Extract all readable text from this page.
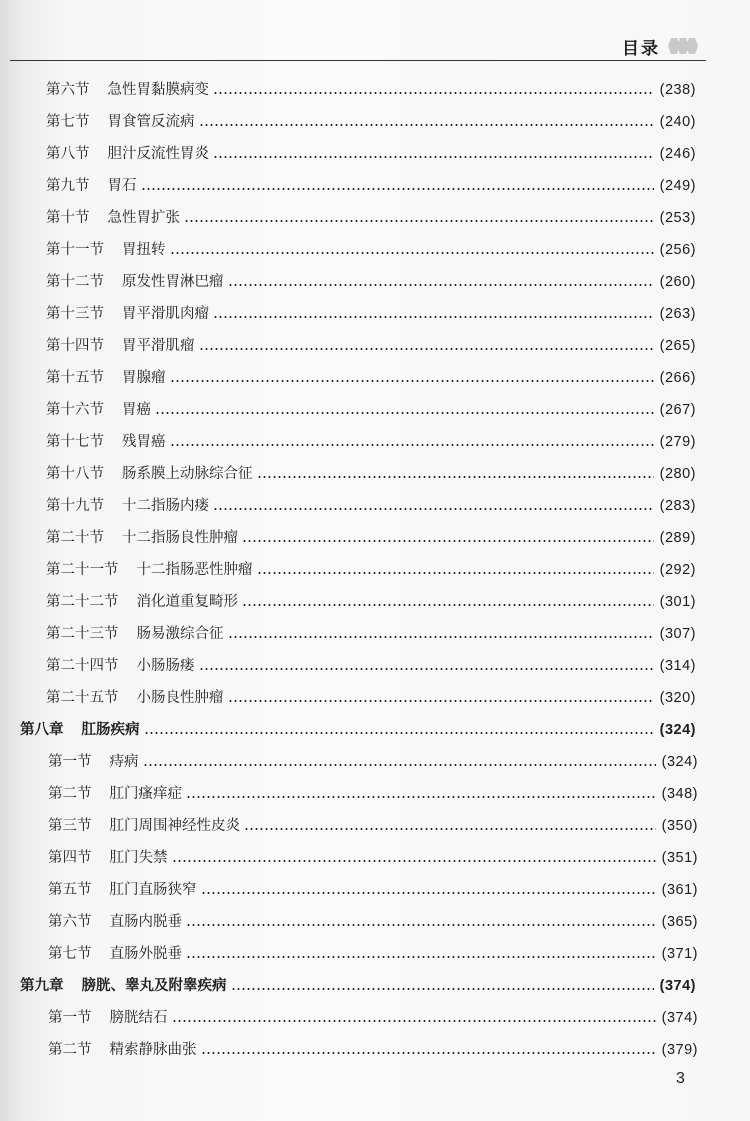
目录
第六节 急性胃黏膜病变	(238)
第七节 胃食管反流病	(240)
第八节 胆汁反流性胃炎	(246)
第九节 胃石	(249)
第十节 急性胃扩张	(253)
第十一节 胃扭转	(256)
第十二节 原发性胃淋巴瘤	(260)
第十三节 胃平滑肌肉瘤	(263)
第十四节 胃平滑肌瘤	(265)
第十五节 胃腺瘤	(266)
第十六节 胃癌	(267)
第十七节 残胃癌	(279)
第十八节 肠系膜上动脉综合征	(280)
第十九节 十二指肠内瘘	(283)
第二十节 十二指肠良性肿瘤	(289)
第二十一节 十二指肠恶性肿瘤	(292)
第二十二节 消化道重复畸形	(301)
第二十三节 肠易激综合征	(307)
第二十四节 小肠肠瘘	(314)
第二十五节 小肠良性肿瘤	(320)
第八章 肛肠疾病	(324)
第一节 痔病	(324)
第二节 肛门瘙痒症	(348)
第三节 肛门周围神经性皮炎	(350)
第四节 肛门失禁	(351)
第五节 肛门直肠狭窄	(361)
第六节 直肠内脱垂	(365)
第七节 直肠外脱垂	(371)
第九章 膀胱、睾丸及附睾疾病	(374)
第一节 膀胱结石	(374)
第二节 精索静脉曲张	(379)
3
